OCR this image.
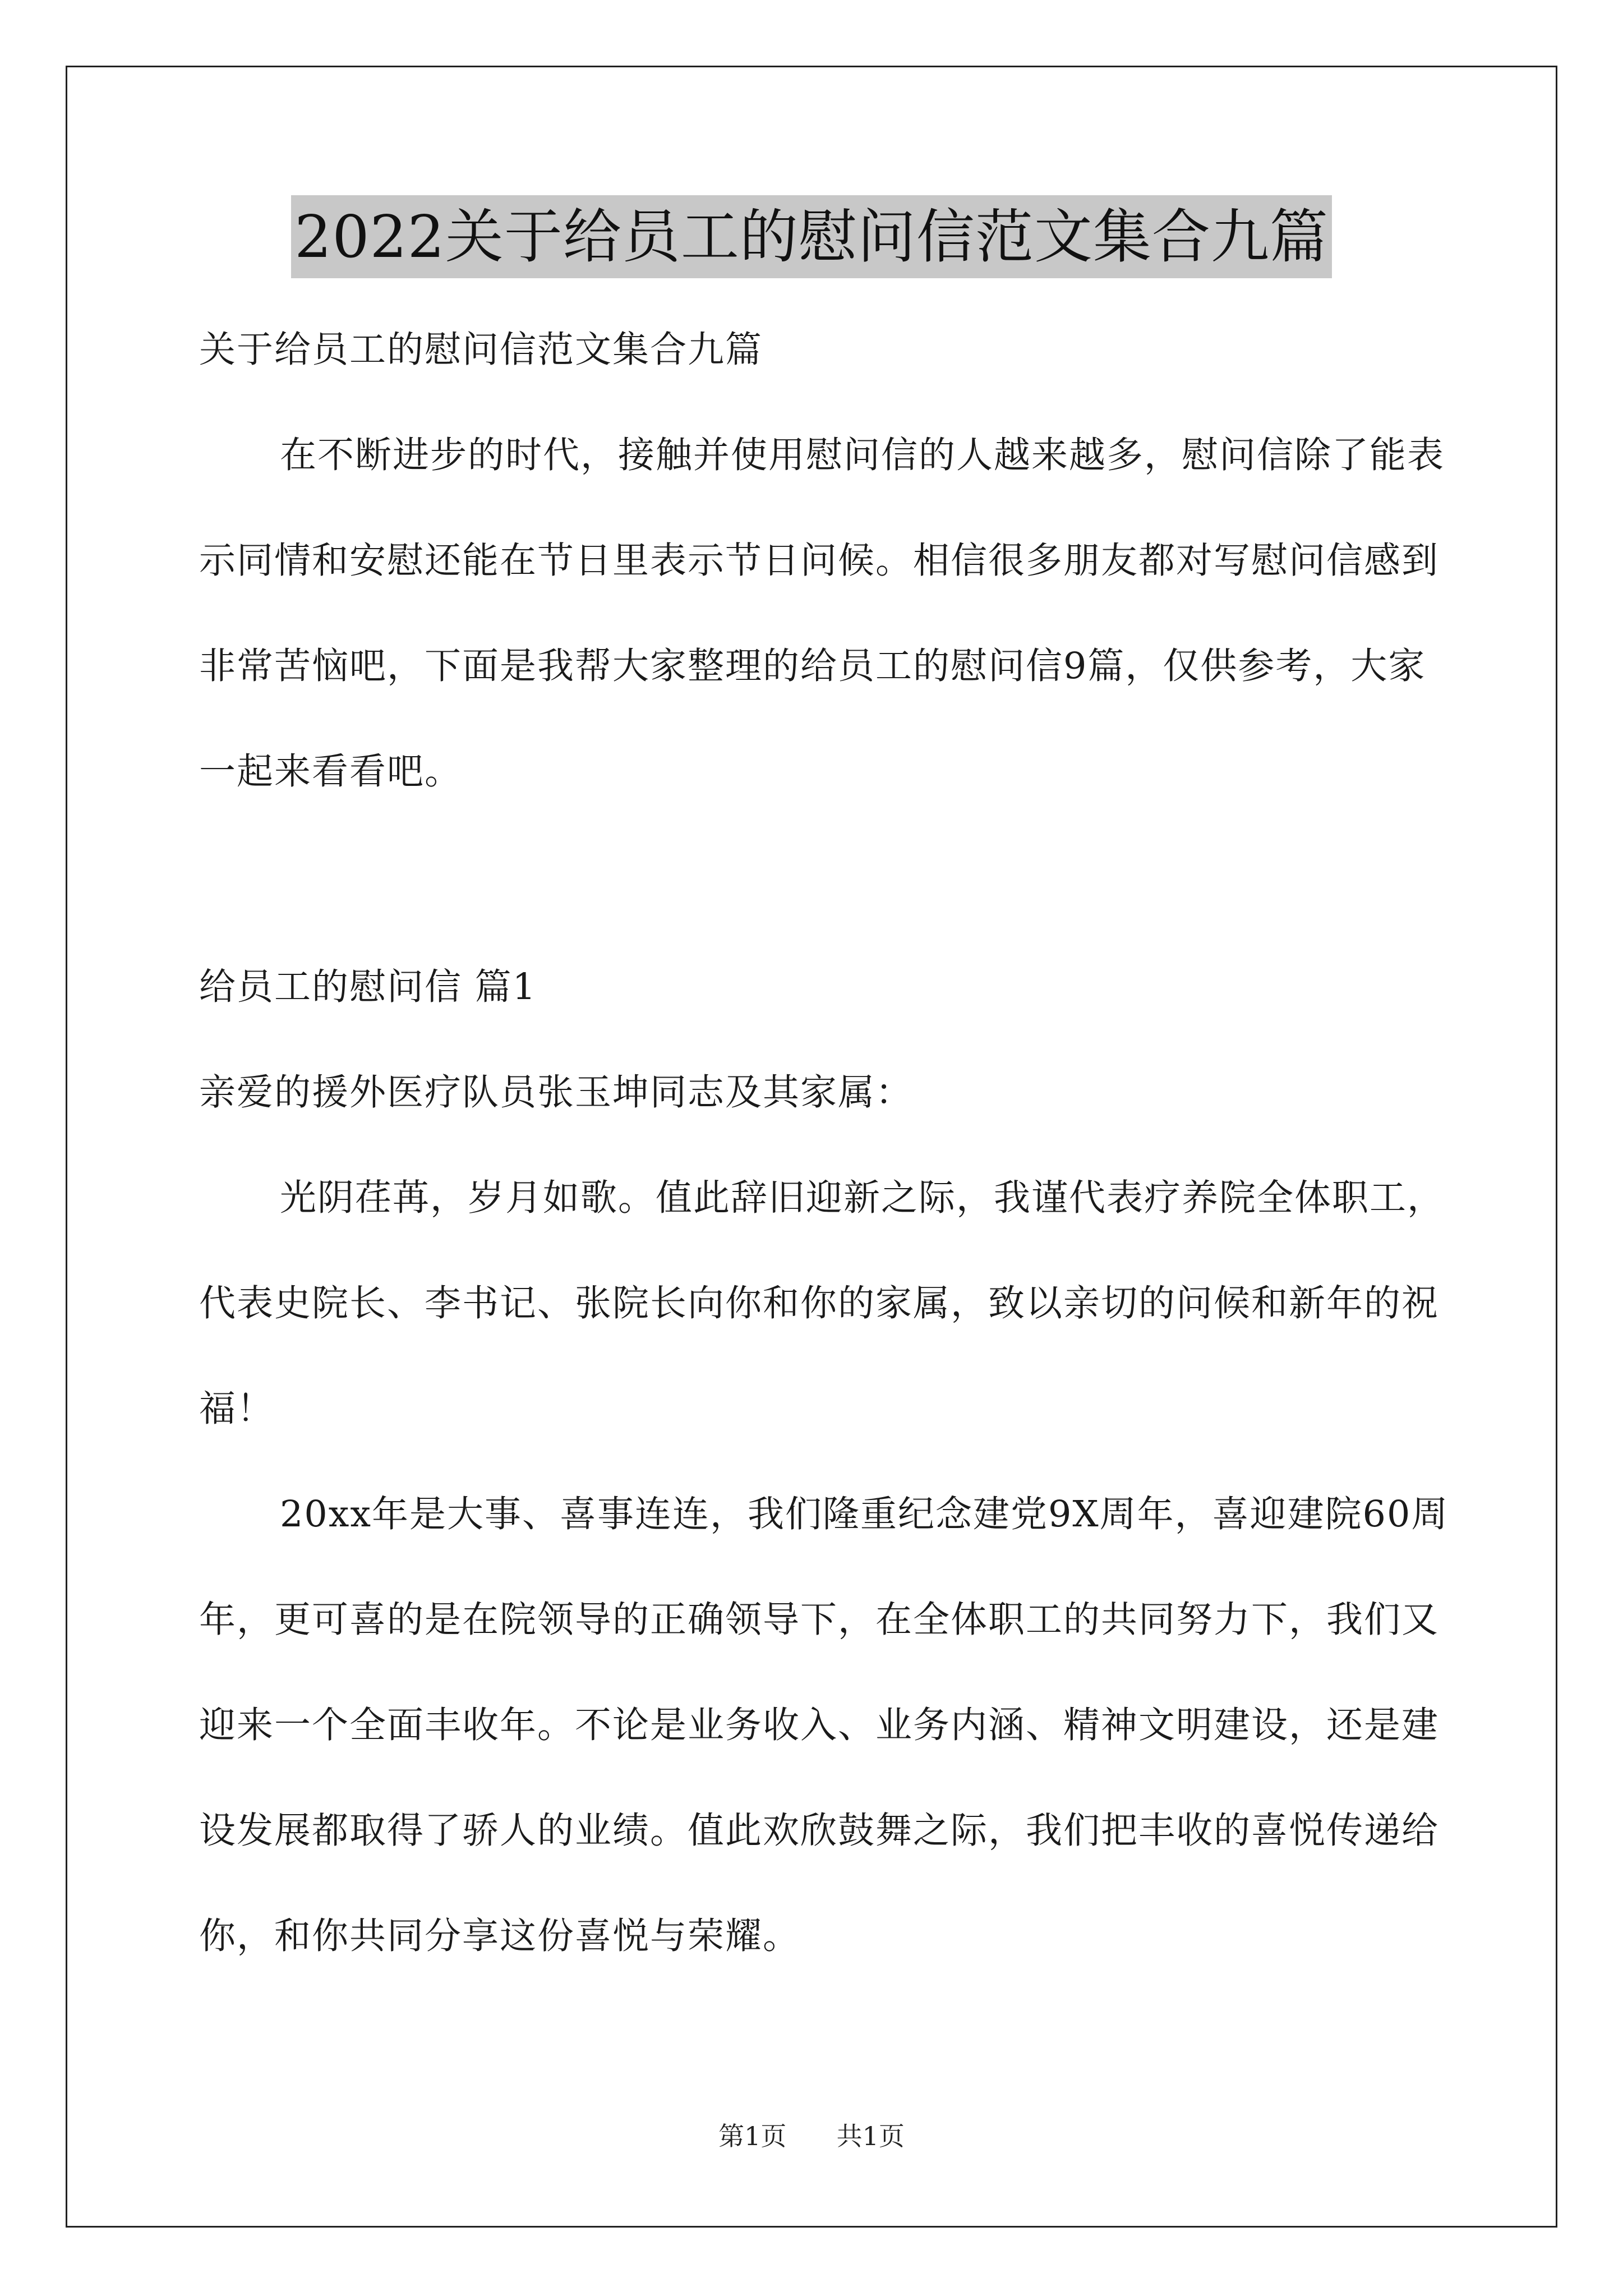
2022关于给员工的慰问信范文集合九篇

关于给员工的慰问信范文集合九篇

在不断进步的时代，接触并使用慰问信的人越来越多，慰问信除了能表示同情和安慰还能在节日里表示节日问候。相信很多朋友都对写慰问信感到非常苦恼吧，下面是我帮大家整理的给员工的慰问信9篇，仅供参考，大家一起来看看吧。

给员工的慰问信 篇1

亲爱的援外医疗队员张玉坤同志及其家属：

光阴荏苒，岁月如歌。值此辞旧迎新之际，我谨代表疗养院全体职工，代表史院长、李书记、张院长向你和你的家属，致以亲切的问候和新年的祝福！

20xx年是大事、喜事连连，我们隆重纪念建党9X周年，喜迎建院60周年，更可喜的是在院领导的正确领导下，在全体职工的共同努力下，我们又迎来一个全面丰收年。不论是业务收入、业务内涵、精神文明建设，还是建设发展都取得了骄人的业绩。值此欢欣鼓舞之际，我们把丰收的喜悦传递给你，和你共同分享这份喜悦与荣耀。

第1页 共1页
